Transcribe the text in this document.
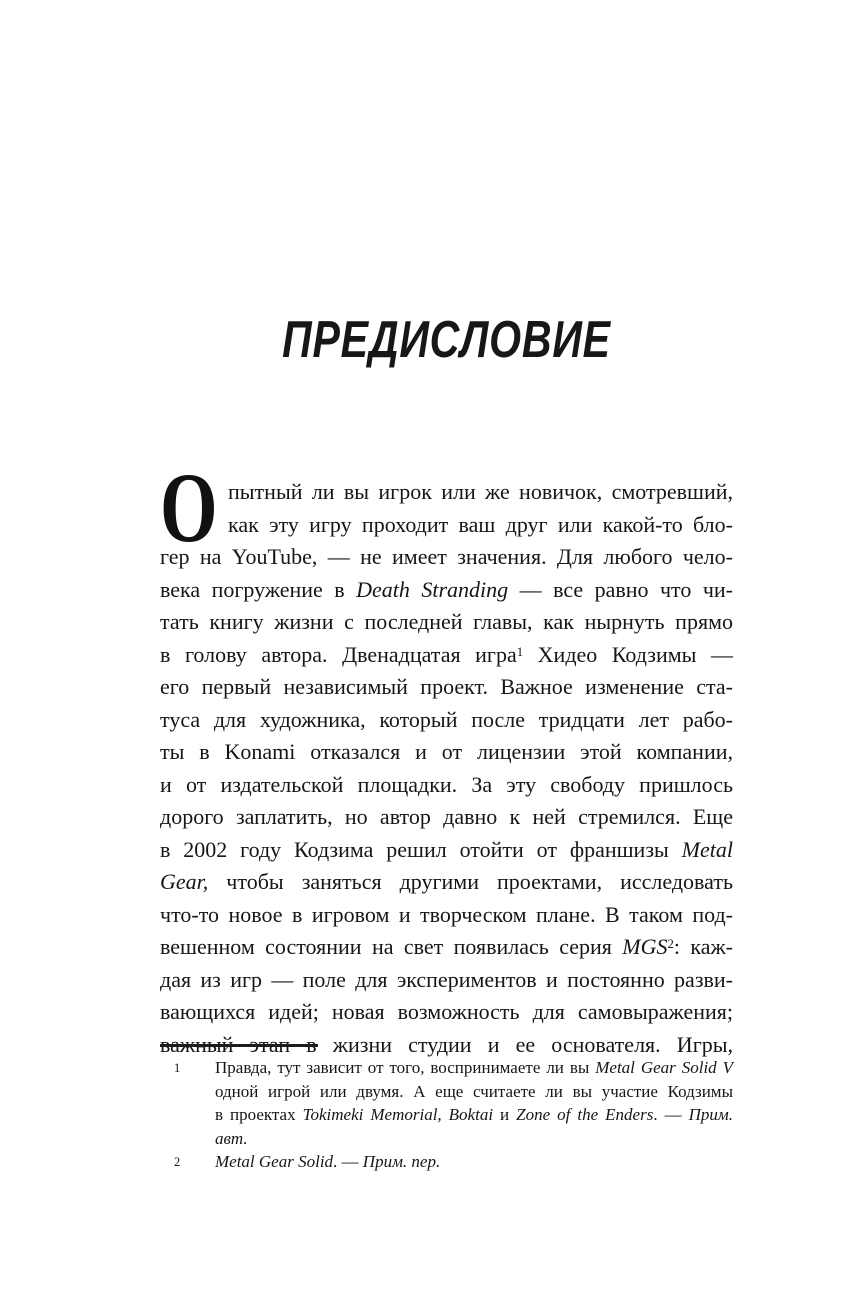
ПРЕДИСЛОВИЕ
О пытный ли вы игрок или же новичок, смотревший,
как эту игру проходит ваш друг или какой-то бло-
гер на YouTube, — не имеет значения. Для любого чело-
века погружение в Death Stranding — все равно что чи-
тать книгу жизни с последней главы, как нырнуть прямо
в голову автора. Двенадцатая игра$^1$ Хидео Кодзимы —
его первый независимый проект. Важное изменение ста-
туса для художника, который после тридцати лет рабо-
ты в Konami отказался и от лицензии этой компании,
и от издательской площадки. За эту свободу пришлось
дорого заплатить, но автор давно к ней стремился. Еще
в 2002 году Кодзима решил отойти от франшизы Metal
Gear, чтобы заняться другими проектами, исследовать
что-то новое в игровом и творческом плане. В таком под-
вешенном состоянии на свет появилась серия MGS$^2$: каж-
дая из игр — поле для экспериментов и постоянно разви-
вающихся идей; новая возможность для самовыражения;
важный этап в жизни студии и ее основателя. Игры,
1	Правда, тут зависит от того, воспринимаете ли вы Metal Gear Solid V
одной игрой или двумя. А еще считаете ли вы участие Кодзимы
в проектах Tokimeki Memorial, Boktai и Zone of the Enders. — Прим.
авт.
2	Metal Gear Solid. — Прим. пер.
